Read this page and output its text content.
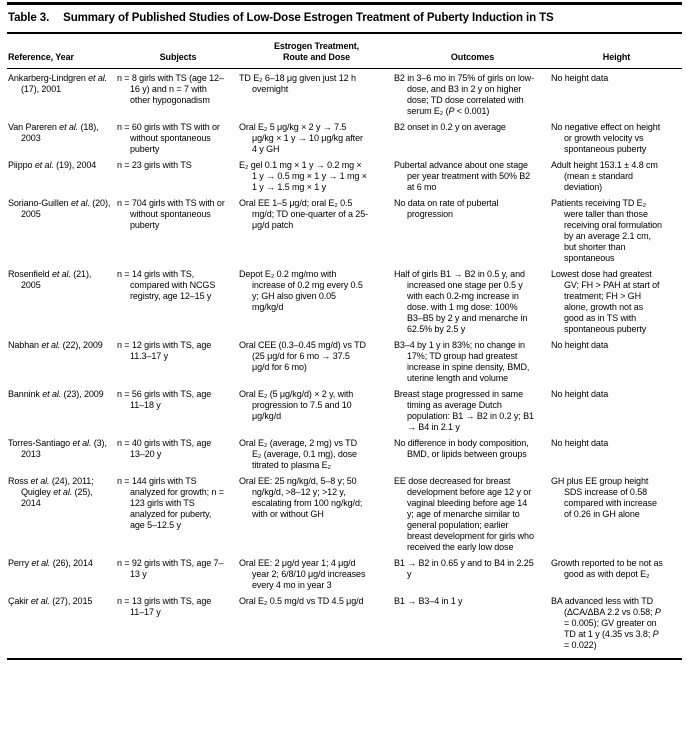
Table 3. Summary of Published Studies of Low-Dose Estrogen Treatment of Puberty Induction in TS
Reference, Year	Subjects	Estrogen Treatment, Route and Dose	Outcomes	Height
Ankarberg-Lindgren et al. (17), 2001	n = 8 girls with TS (age 12–16 y) and n = 7 with other hypogonadism	TD E₂ 6–18 μg given just 12 h overnight	B2 in 3–6 mo in 75% of girls on low-dose, and B3 in 2 y on higher dose; TD dose correlated with serum E₂ (P < 0.001)	No height data
Van Pareren et al. (18), 2003	n = 60 girls with TS with or without spontaneous puberty	Oral E₂ 5 μg/kg × 2 y → 7.5 μg/kg × 1 y → 10 μg/kg after 4 y GH	B2 onset in 0.2 y on average	No negative effect on height or growth velocity vs spontaneous puberty
Piippo et al. (19), 2004	n = 23 girls with TS	E₂ gel 0.1 mg × 1 y → 0.2 mg × 1 y → 0.5 mg × 1 y → 1 mg × 1 y → 1.5 mg × 1 y	Pubertal advance about one stage per year treatment with 50% B2 at 6 mo	Adult height 153.1 ± 4.8 cm (mean ± standard deviation)
Soriano-Guillen et al. (20), 2005	n = 704 girls with TS with or without spontaneous puberty	Oral EE 1–5 μg/d; oral E₂ 0.5 mg/d; TD one-quarter of a 25-μg/d patch	No data on rate of pubertal progression	Patients receiving TD E₂ were taller than those receiving oral formulation by an average 2.1 cm, but shorter than spontaneous
Rosenfield et al. (21), 2005	n = 14 girls with TS, compared with NCGS registry, age 12–15 y	Depot E₂ 0.2 mg/mo with increase of 0.2 mg every 0.5 y; GH also given 0.05 mg/kg/d	Half of girls B1 → B2 in 0.5 y, and increased one stage per 0.5 y with each 0.2-mg increase in dose. with 1 mg dose: 100% B3–B5 by 2 y and menarche in 62.5% by 2.5 y	Lowest dose had greatest GV; FH > PAH at start of treatment; FH > GH alone, growth not as good as in TS with spontaneous puberty
Nabhan et al. (22), 2009	n = 12 girls with TS, age 11.3–17 y	Oral CEE (0.3–0.45 mg/d) vs TD (25 μg/d for 6 mo → 37.5 μg/d for 6 mo)	B3–4 by 1 y in 83%; no change in 17%; TD group had greatest increase in spine density, BMD, uterine length and volume	No height data
Bannink et al. (23), 2009	n = 56 girls with TS, age 11–18 y	Oral E₂ (5 μg/kg/d) × 2 y, with progression to 7.5 and 10 μg/kg/d	Breast stage progressed in same timing as average Dutch population: B1 → B2 in 0.2 y; B1 → B4 in 2.1 y	No height data
Torres-Santiago et al. (3), 2013	n = 40 girls with TS, age 13–20 y	Oral E₂ (average, 2 mg) vs TD E₂ (average, 0.1 mg), dose titrated to plasma E₂	No difference in body composition, BMD, or lipids between groups	No height data
Ross et al. (24), 2011; Quigley et al. (25), 2014	n = 144 girls with TS analyzed for growth; n = 123 girls with TS analyzed for puberty, age 5–12.5 y	Oral EE: 25 ng/kg/d, 5–8 y; 50 ng/kg/d, >8–12 y; >12 y, escalating from 100 ng/kg/d; with or without GH	EE dose decreased for breast development before age 12 y or vaginal bleeding before age 14 y; age of menarche similar to general population; earlier breast development for girls who received the early low dose	GH plus EE group height SDS increase of 0.58 compared with increase of 0.26 in GH alone
Perry et al. (26), 2014	n = 92 girls with TS, age 7–13 y	Oral EE: 2 μg/d year 1; 4 μg/d year 2; 6/8/10 μg/d increases every 4 mo in year 3	B1 → B2 in 0.65 y and to B4 in 2.25 y	Growth reported to be not as good as with depot E₂
Çakir et al. (27), 2015	n = 13 girls with TS, age 11–17 y	Oral E₂ 0.5 mg/d vs TD 4.5 μg/d	B1 → B3–4 in 1 y	BA advanced less with TD (ΔCA/ΔBA 2.2 vs 0.58; P = 0.005); GV greater on TD at 1 y (4.35 vs 3.8; P = 0.022)
